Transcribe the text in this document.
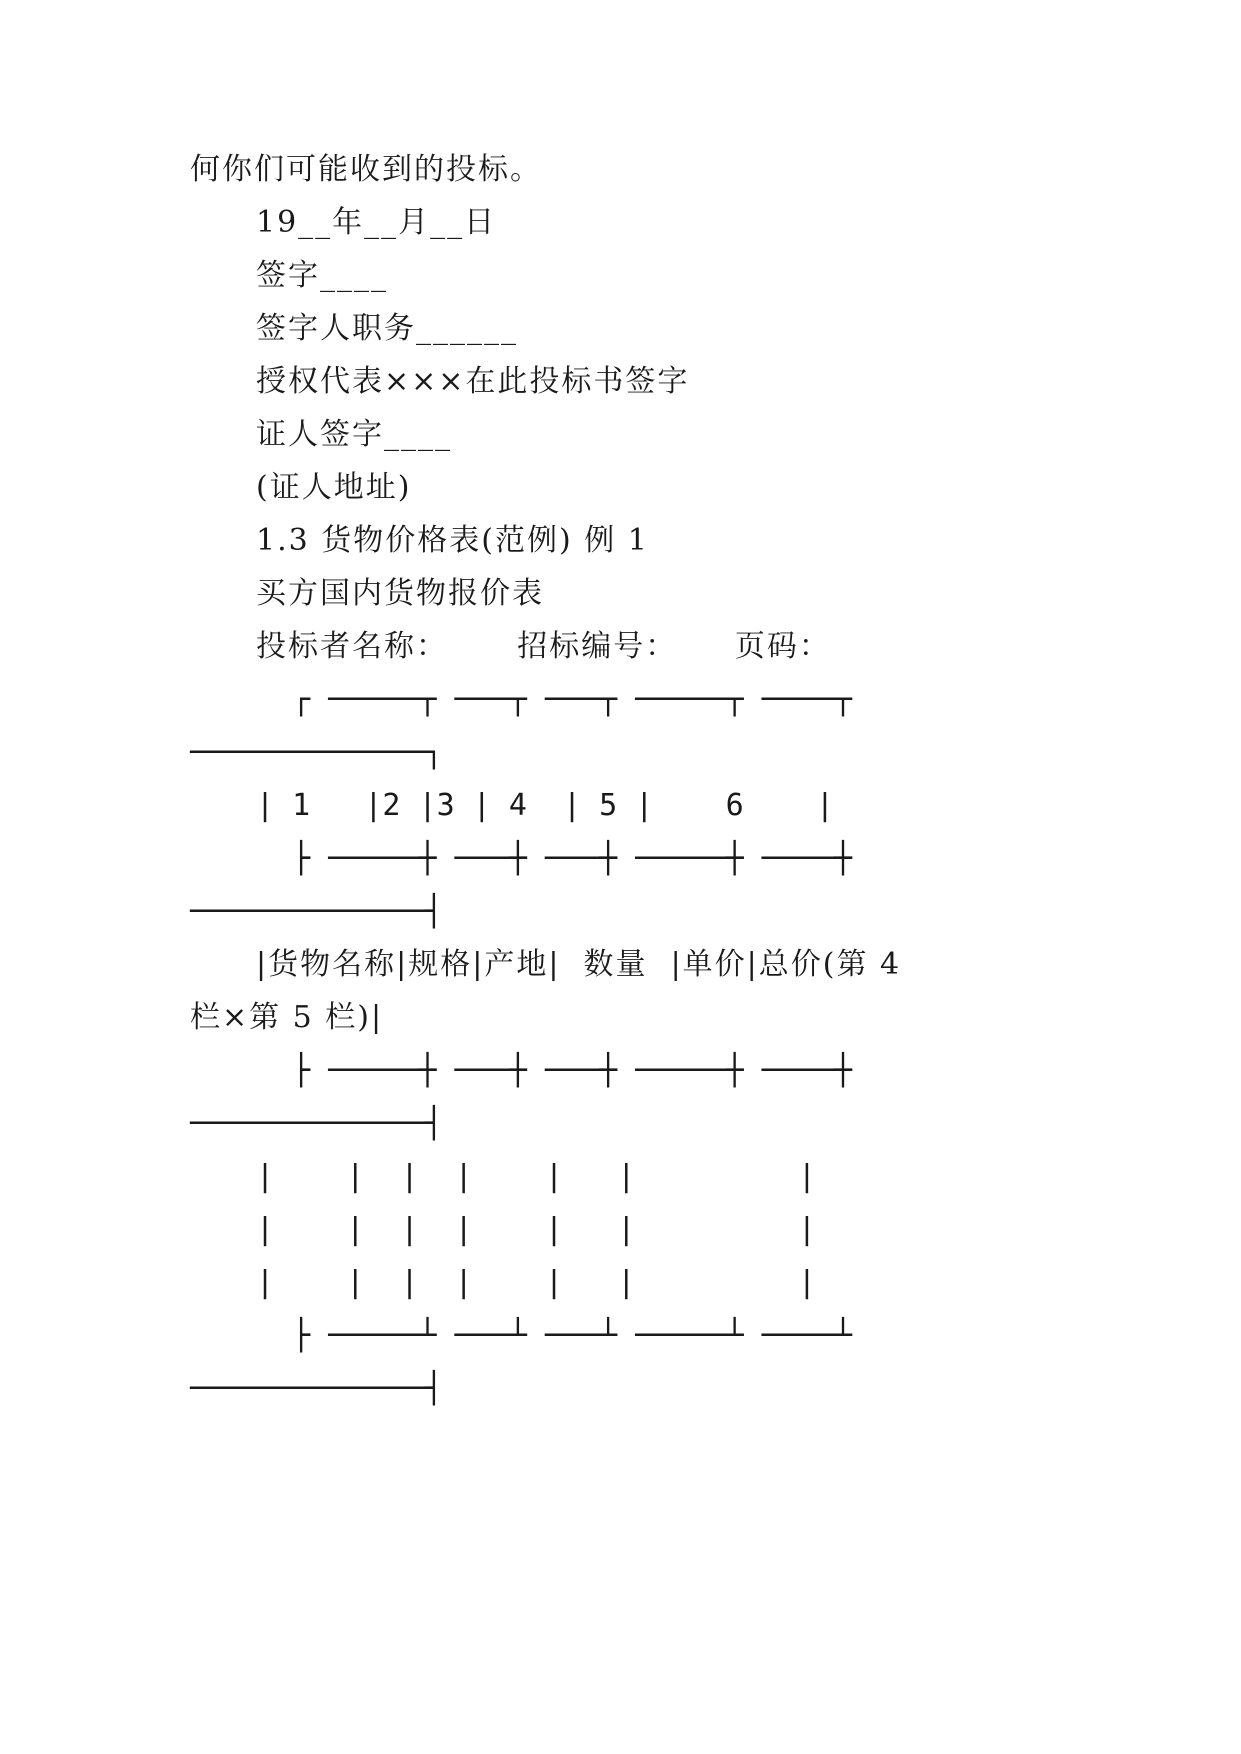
何你们可能收到的投标。
19__年__月__日
签字____
签字人职务______
授权代表×××在此投标书签字
证人签字____
(证人地址)
1.3 货物价格表(范例) 例 1
买方国内货物报价表
投标者名称：      招标编号：     页码：
┌ ─────┬ ───┬ ───┬ ─────┬ ────┬
─────────────┐
| 1   |2 |3 | 4  | 5 |    6    |
├ ─────┼ ───┼ ───┼ ─────┼ ────┼
─────────────┤
|货物名称|规格|产地|  数量  |单价|总价(第 4
栏×第 5 栏)|
├ ─────┼ ───┼ ───┼ ─────┼ ────┼
─────────────┤
|    |  |  |    |   |         |
|    |  |  |    |   |         |
|    |  |  |    |   |         |
├ ─────┴ ───┴ ───┴ ─────┴ ────┴
─────────────┤
